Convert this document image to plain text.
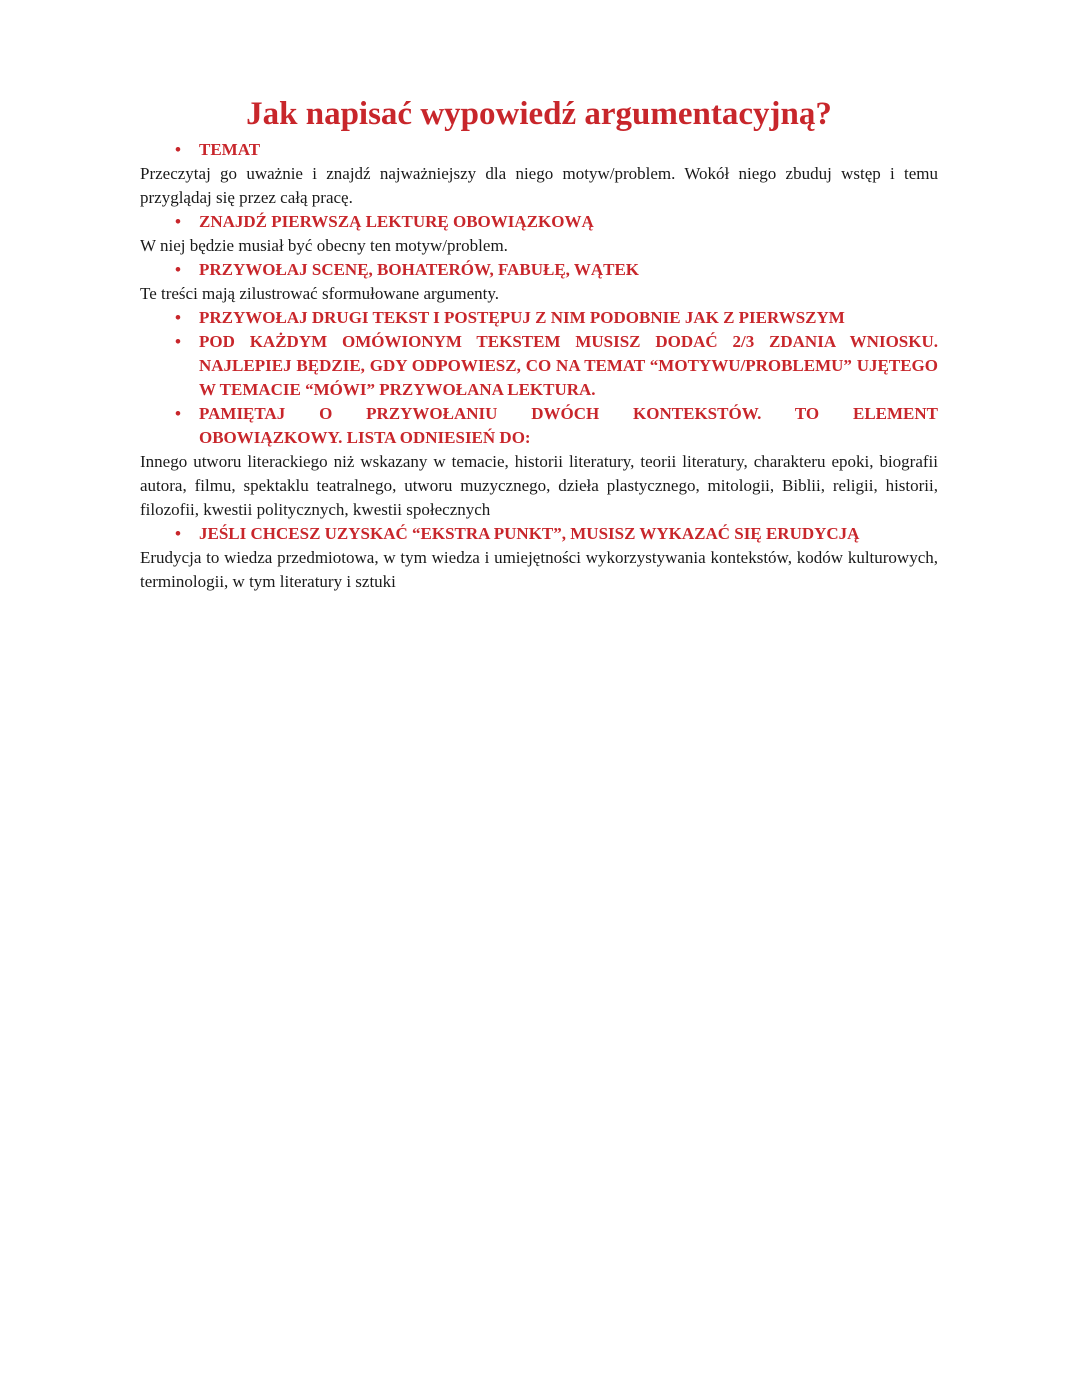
Jak napisać wypowiedź argumentacyjną?
• TEMAT
Przeczytaj go uważnie i znajdź najważniejszy dla niego motyw/problem. Wokół niego zbuduj wstęp i temu przyglądaj się przez całą pracę.
• ZNAJDŹ PIERWSZĄ LEKTURĘ OBOWIĄZKOWĄ
W niej będzie musiał być obecny ten motyw/problem.
• PRZYWOŁAJ SCENĘ, BOHATERÓW, FABUŁĘ, WĄTEK
Te treści mają zilustrować sformułowane argumenty.
• PRZYWOŁAJ DRUGI TEKST I POSTĘPUJ Z NIM PODOBNIE JAK Z PIERWSZYM
• POD KAŻDYM OMÓWIONYM TEKSTEM MUSISZ DODAĆ 2/3 ZDANIA WNIOSKU. NAJLEPIEJ BĘDZIE, GDY ODPOWIESZ, CO NA TEMAT “MOTYWU/PROBLEMU” UJĘTEGO W TEMACIE “MÓWI” PRZYWOŁANA LEKTURA.
• PAMIĘTAJ O PRZYWOŁANIU DWÓCH KONTEKSTÓW. TO ELEMENT
OBOWIĄZKOWY. LISTA ODNIESIEŃ DO:
Innego utworu literackiego niż wskazany w temacie, historii literatury, teorii literatury, charakteru epoki, biografii autora, filmu, spektaklu teatralnego, utworu muzycznego, dzieła plastycznego, mitologii, Biblii, religii, historii, filozofii, kwestii politycznych, kwestii społecznych
• JEŚLI CHCESZ UZYSKAĆ “EKSTRA PUNKT”, MUSISZ WYKAZAĆ SIĘ ERUDYCJĄ
Erudycja to wiedza przedmiotowa, w tym wiedza i umiejętności wykorzystywania kontekstów, kodów kulturowych, terminologii, w tym literatury i sztuki
